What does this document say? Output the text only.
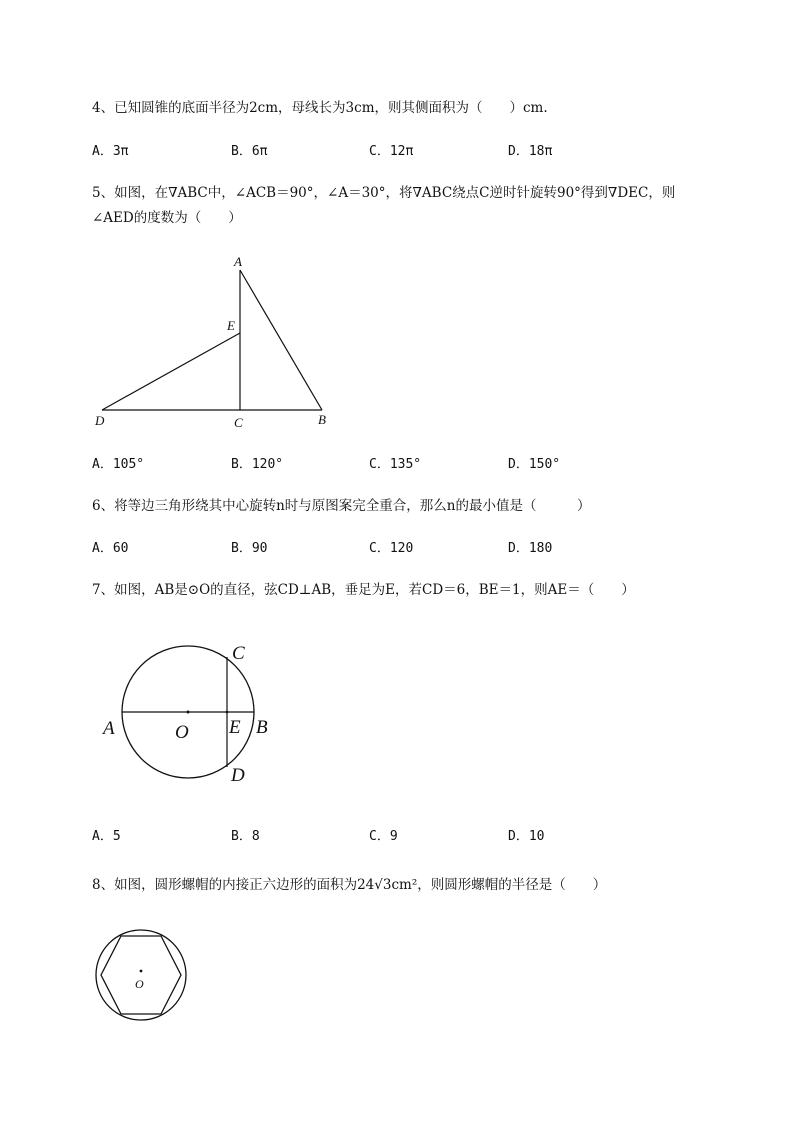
4、已知圆锥的底面半径为2cm，母线长为3cm，则其侧面积为（　　）cm.
A．3π	B．6π	C．12π	D．18π
5、如图，在∇ABC中，∠ACB＝90°，∠A＝30°，将∇ABC绕点C逆时针旋转90°得到∇DEC，则
∠AED的度数为（　　）
A
E
D	C	B
A．105°	B．120°	C．135°	D．150°
6、将等边三角形绕其中心旋转n时与原图案完全重合，那么n的最小值是（　　　）
A．60	B．90	C．120	D．180
7、如图，AB是⊙O的直径，弦CD⊥AB，垂足为E，若CD＝6，BE＝1，则AE＝（　　）
C
A	O E B
D
A．5	B．8	C．9	D．10
8、如图，圆形螺帽的内接正六边形的面积为24√3cm²，则圆形螺帽的半径是（　　）
O
